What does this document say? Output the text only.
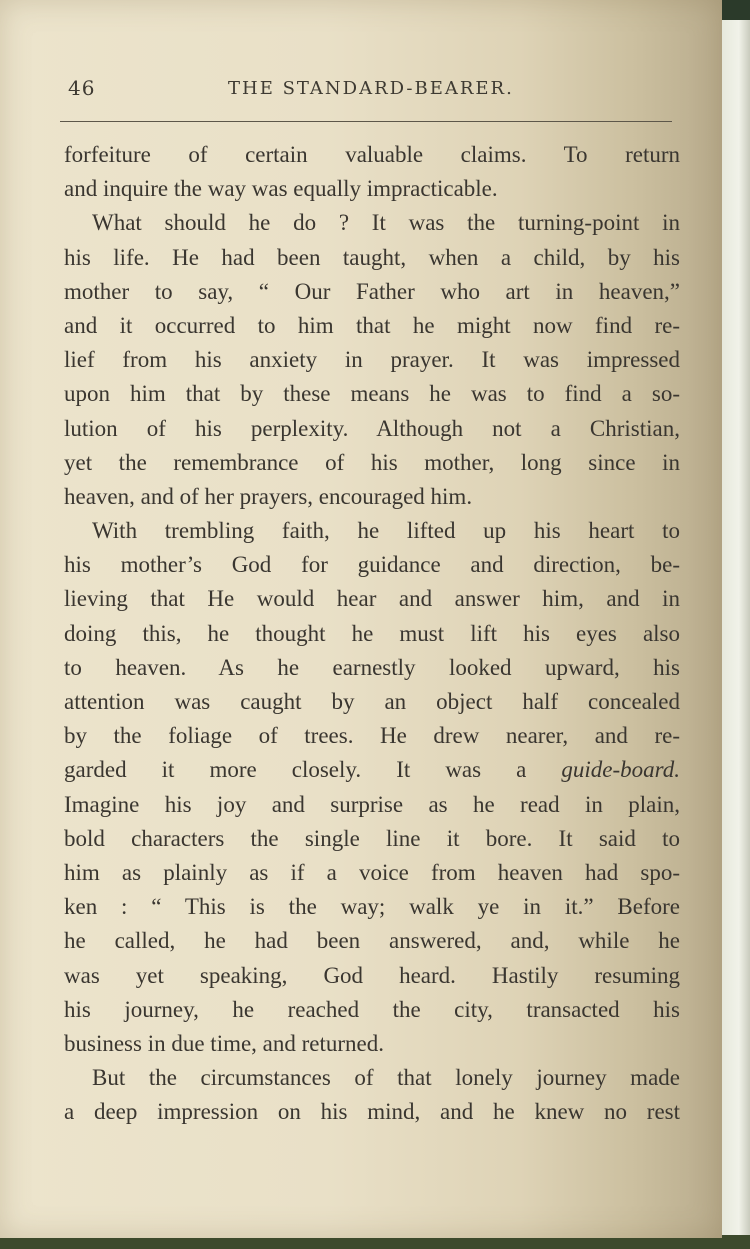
46	THE STANDARD-BEARER.
forfeiture of certain valuable claims. To return
and inquire the way was equally impracticable.
What should he do ? It was the turning-point in
his life. He had been taught, when a child, by his
mother to say, “ Our Father who art in heaven,”
and it occurred to him that he might now find re-
lief from his anxiety in prayer. It was impressed
upon him that by these means he was to find a so-
lution of his perplexity. Although not a Christian,
yet the remembrance of his mother, long since in
heaven, and of her prayers, encouraged him.
With trembling faith, he lifted up his heart to
his mother’s God for guidance and direction, be-
lieving that He would hear and answer him, and in
doing this, he thought he must lift his eyes also
to heaven. As he earnestly looked upward, his
attention was caught by an object half concealed
by the foliage of trees. He drew nearer, and re-
garded it more closely. It was a guide-board.
Imagine his joy and surprise as he read in plain,
bold characters the single line it bore. It said to
him as plainly as if a voice from heaven had spo-
ken : “ This is the way; walk ye in it.” Before
he called, he had been answered, and, while he
was yet speaking, God heard. Hastily resuming
his journey, he reached the city, transacted his
business in due time, and returned.
But the circumstances of that lonely journey made
a deep impression on his mind, and he knew no rest
